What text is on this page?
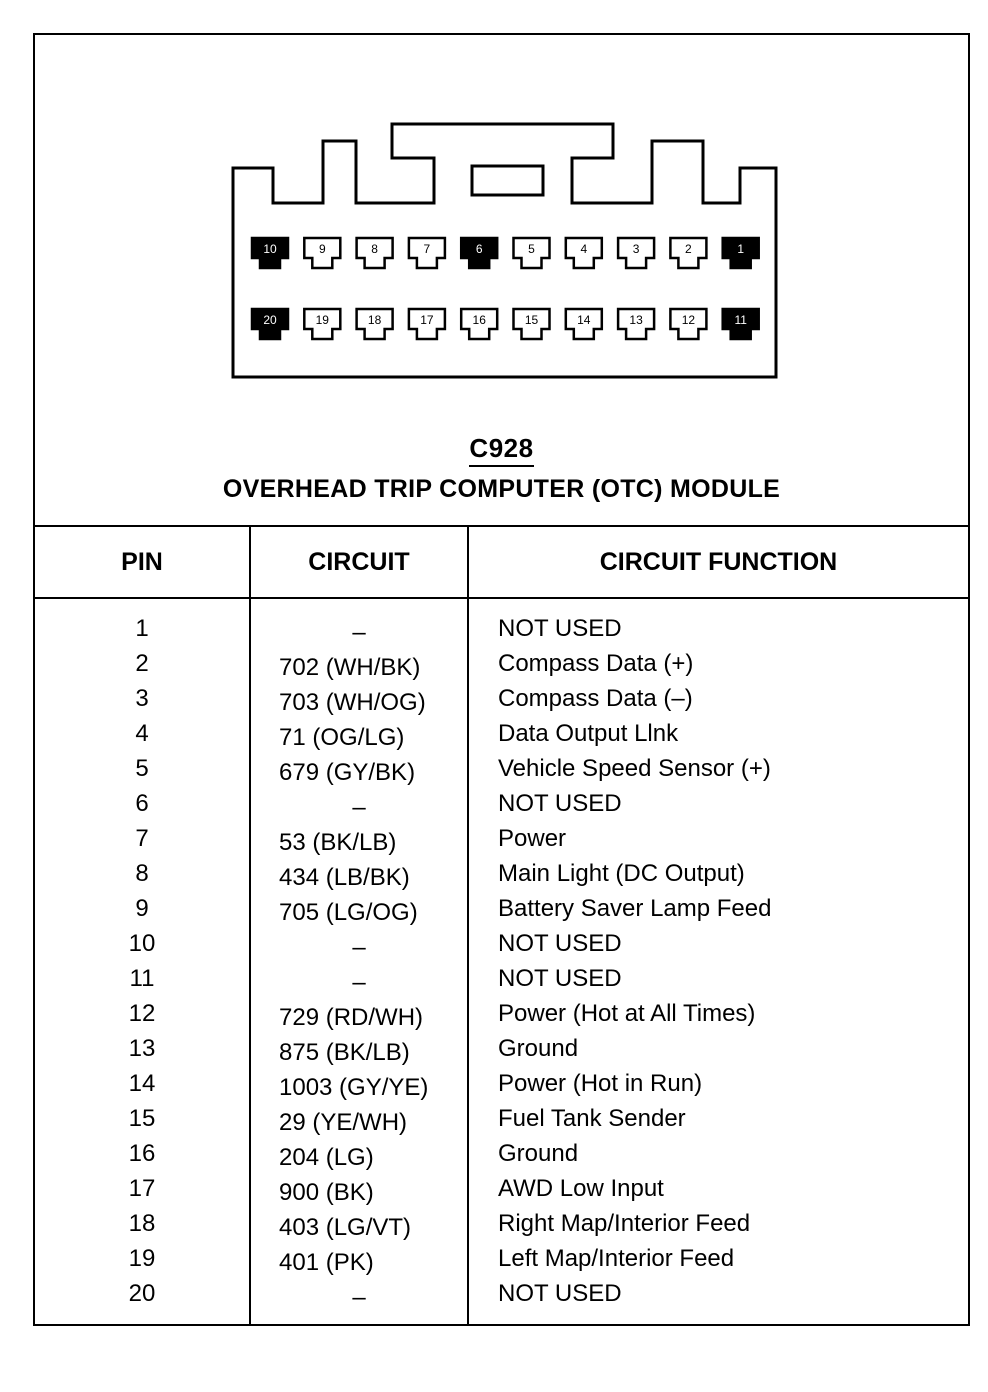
10	9	8	7	6	5	4	3	2	1
20	19	18	17	16	15	14	13	12	11
C928
OVERHEAD TRIP COMPUTER (OTC) MODULE
PIN	CIRCUIT	CIRCUIT FUNCTION
1	–	NOT USED
2	702 (WH/BK)	Compass Data (+)
3	703 (WH/OG)	Compass Data (–)
4	71 (OG/LG)	Data Output Llnk
5	679 (GY/BK)	Vehicle Speed Sensor (+)
6	–	NOT USED
7	53 (BK/LB)	Power
8	434 (LB/BK)	Main Light (DC Output)
9	705 (LG/OG)	Battery Saver Lamp Feed
10	–	NOT USED
11	–	NOT USED
12	729 (RD/WH)	Power (Hot at All Times)
13	875 (BK/LB)	Ground
14	1003 (GY/YE)	Power (Hot in Run)
15	29 (YE/WH)	Fuel Tank Sender
16	204 (LG)	Ground
17	900 (BK)	AWD Low Input
18	403 (LG/VT)	Right Map/Interior Feed
19	401 (PK)	Left Map/Interior Feed
20	–	NOT USED
